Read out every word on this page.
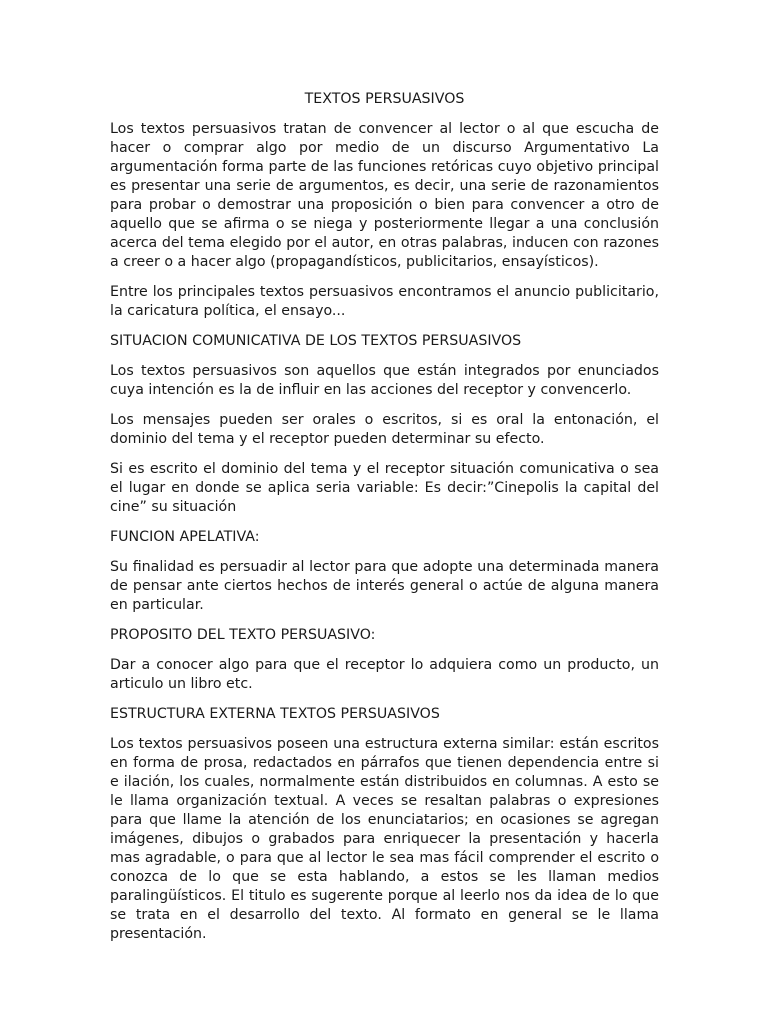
TEXTOS PERSUASIVOS

Los textos persuasivos tratan de convencer al lector o al que escucha de hacer o comprar algo por medio de un discurso Argumentativo La argumentación forma parte de las funciones retóricas cuyo objetivo principal es presentar una serie de argumentos, es decir, una serie de razonamientos para probar o demostrar una proposición o bien para convencer a otro de aquello que se afirma o se niega y posteriormente llegar a una conclusión acerca del tema elegido por el autor, en otras palabras, inducen con razones a creer o a hacer algo (propagandísticos, publicitarios, ensayísticos).

Entre los principales textos persuasivos encontramos el anuncio publicitario, la caricatura política, el ensayo...

SITUACION COMUNICATIVA DE LOS TEXTOS PERSUASIVOS

Los textos persuasivos son aquellos que están integrados por enunciados cuya intención es la de influir en las acciones del receptor y convencerlo.

Los mensajes pueden ser orales o escritos, si es oral la entonación, el dominio del tema y el receptor pueden determinar su efecto.

Si es escrito el dominio del tema y el receptor situación comunicativa o sea el lugar en donde se aplica seria variable: Es decir:”Cinepolis la capital del cine” su situación

FUNCION APELATIVA:

Su finalidad es persuadir al lector para que adopte una determinada manera de pensar ante ciertos hechos de interés general o actúe de alguna manera en particular.

PROPOSITO DEL TEXTO PERSUASIVO:

Dar a conocer algo para que el receptor lo adquiera como un producto, un articulo un libro etc.

ESTRUCTURA EXTERNA TEXTOS PERSUASIVOS

Los textos persuasivos poseen una estructura externa similar: están escritos en forma de prosa, redactados en párrafos que tienen dependencia entre si e ilación, los cuales, normalmente están distribuidos en columnas. A esto se le llama organización textual. A veces se resaltan palabras o expresiones para que llame la atención de los enunciatarios; en ocasiones se agregan imágenes, dibujos o grabados para enriquecer la presentación y hacerla mas agradable, o para que al lector le sea mas fácil comprender el escrito o conozca de lo que se esta hablando, a estos se les llaman medios paralingüísticos. El titulo es sugerente porque al leerlo nos da idea de lo que se trata en el desarrollo del texto. Al formato en general se le llama presentación.
